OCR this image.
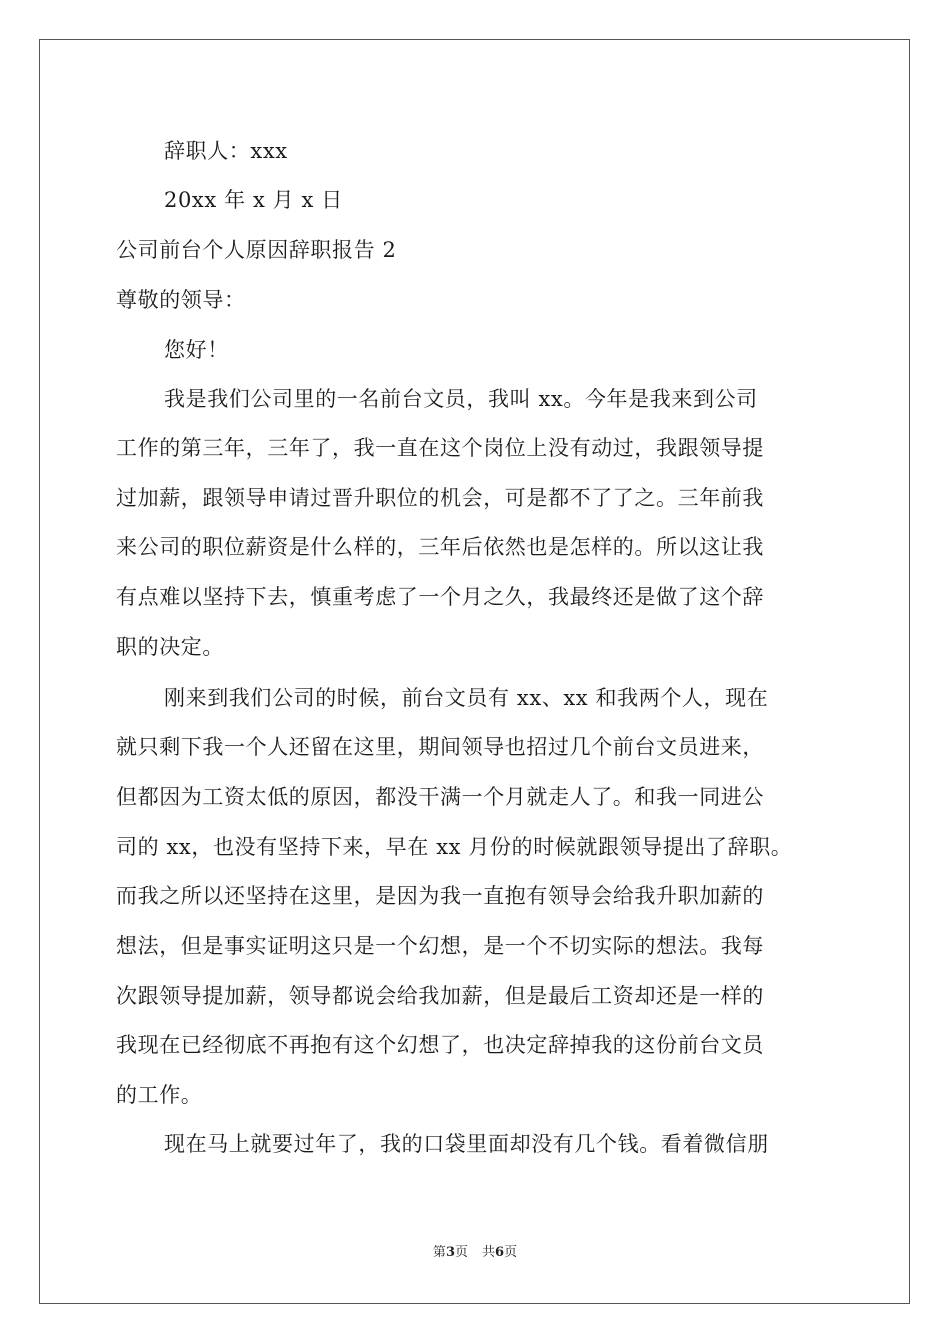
辞职人：xxx
20xx 年 x 月 x 日
公司前台个人原因辞职报告 2
尊敬的领导：
您好！
我是我们公司里的一名前台文员，我叫 xx。今年是我来到公司
工作的第三年，三年了，我一直在这个岗位上没有动过，我跟领导提
过加薪，跟领导申请过晋升职位的机会，可是都不了了之。三年前我
来公司的职位薪资是什么样的，三年后依然也是怎样的。所以这让我
有点难以坚持下去，慎重考虑了一个月之久，我最终还是做了这个辞
职的决定。
刚来到我们公司的时候，前台文员有 xx、xx 和我两个人，现在
就只剩下我一个人还留在这里，期间领导也招过几个前台文员进来，
但都因为工资太低的原因，都没干满一个月就走人了。和我一同进公
司的 xx，也没有坚持下来，早在 xx 月份的时候就跟领导提出了辞职。
而我之所以还坚持在这里，是因为我一直抱有领导会给我升职加薪的
想法，但是事实证明这只是一个幻想，是一个不切实际的想法。我每
次跟领导提加薪，领导都说会给我加薪，但是最后工资却还是一样的
我现在已经彻底不再抱有这个幻想了，也决定辞掉我的这份前台文员
的工作。
现在马上就要过年了，我的口袋里面却没有几个钱。看着微信朋
第3页 共6页
